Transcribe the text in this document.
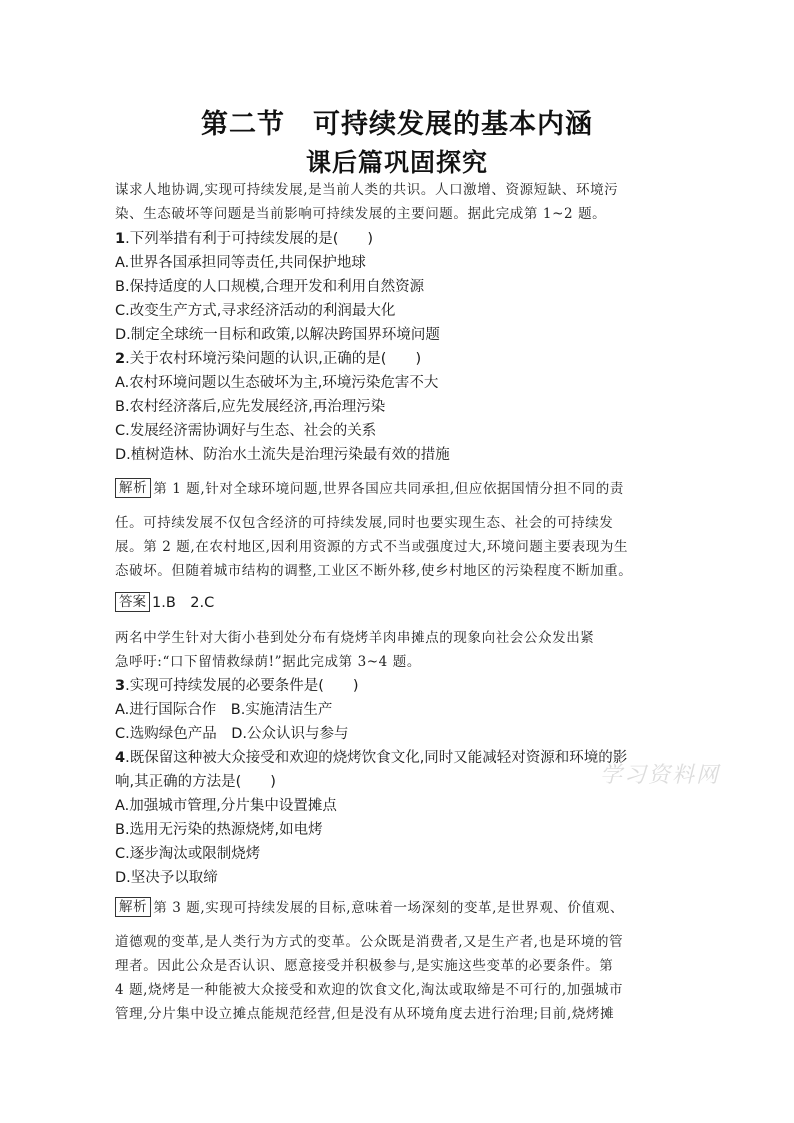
第二节　可持续发展的基本内涵
课后篇巩固探究
谋求人地协调,实现可持续发展,是当前人类的共识。人口激增、资源短缺、环境污
染、生态破坏等问题是当前影响可持续发展的主要问题。据此完成第 1~2 题。
1.下列举措有利于可持续发展的是(　　)
A.世界各国承担同等责任,共同保护地球
B.保持适度的人口规模,合理开发和利用自然资源
C.改变生产方式,寻求经济活动的利润最大化
D.制定全球统一目标和政策,以解决跨国界环境问题
2.关于农村环境污染问题的认识,正确的是(　　)
A.农村环境问题以生态破坏为主,环境污染危害不大
B.农村经济落后,应先发展经济,再治理污染
C.发展经济需协调好与生态、社会的关系
D.植树造林、防治水土流失是治理污染最有效的措施
解析 第 1 题,针对全球环境问题,世界各国应共同承担,但应依据国情分担不同的责
任。可持续发展不仅包含经济的可持续发展,同时也要实现生态、社会的可持续发
展。第 2 题,在农村地区,因利用资源的方式不当或强度过大,环境问题主要表现为生
态破坏。但随着城市结构的调整,工业区不断外移,使乡村地区的污染程度不断加重。
答案 1.B　2.C
两名中学生针对大街小巷到处分布有烧烤羊肉串摊点的现象向社会公众发出紧
急呼吁:“口下留情救绿荫!”据此完成第 3~4 题。
3.实现可持续发展的必要条件是(　　)
A.进行国际合作　B.实施清洁生产
C.选购绿色产品　D.公众认识与参与
4.既保留这种被大众接受和欢迎的烧烤饮食文化,同时又能减轻对资源和环境的影
响,其正确的方法是(　　)
A.加强城市管理,分片集中设置摊点
B.选用无污染的热源烧烤,如电烤
C.逐步淘汰或限制烧烤
D.坚决予以取缔
解析 第 3 题,实现可持续发展的目标,意味着一场深刻的变革,是世界观、价值观、
道德观的变革,是人类行为方式的变革。公众既是消费者,又是生产者,也是环境的管
理者。因此公众是否认识、愿意接受并积极参与,是实施这些变革的必要条件。第
4 题,烧烤是一种能被大众接受和欢迎的饮食文化,淘汰或取缔是不可行的,加强城市
管理,分片集中设立摊点能规范经营,但是没有从环境角度去进行治理;目前,烧烤摊
学习资料网
